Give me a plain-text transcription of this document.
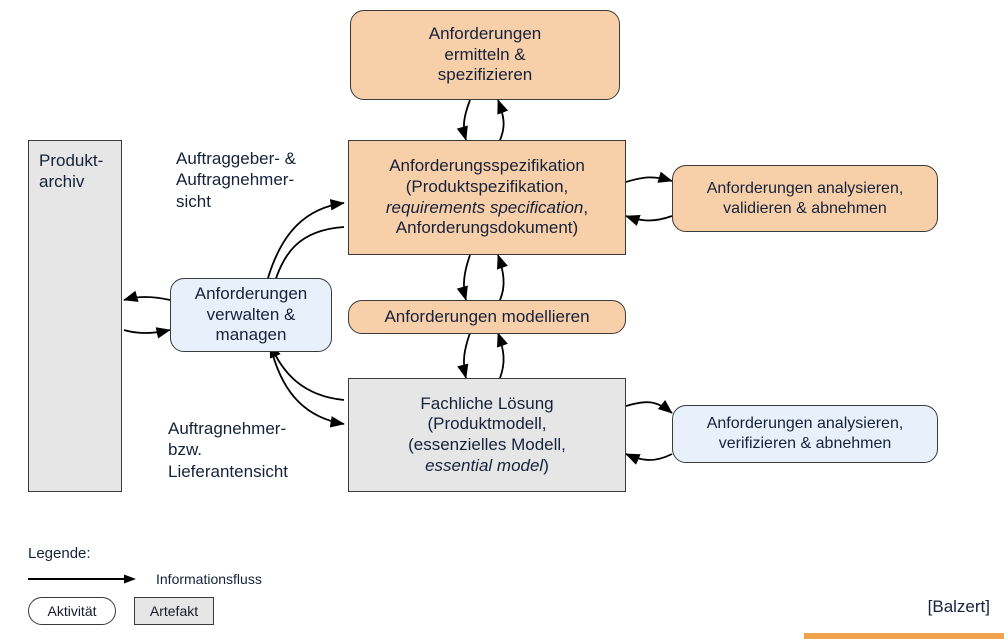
Produkt-
archiv
Anforderungen
ermitteln &
spezifizieren
Anforderungsspezifikation
(Produktspezifikation,
requirements specification,
Anforderungsdokument)
Anforderungen analysieren,
validieren & abnehmen
Anforderungen
verwalten &
managen
Anforderungen modellieren
Fachliche Lösung
(Produktmodell,
(essenzielles Modell,
essential model)
Anforderungen analysieren,
verifizieren & abnehmen
Auftraggeber- &
Auftragnehmer-
sicht
Auftragnehmer-
bzw.
Lieferantensicht
Legende:
Informationsfluss
Aktivität	Artefakt	[Balzert]
